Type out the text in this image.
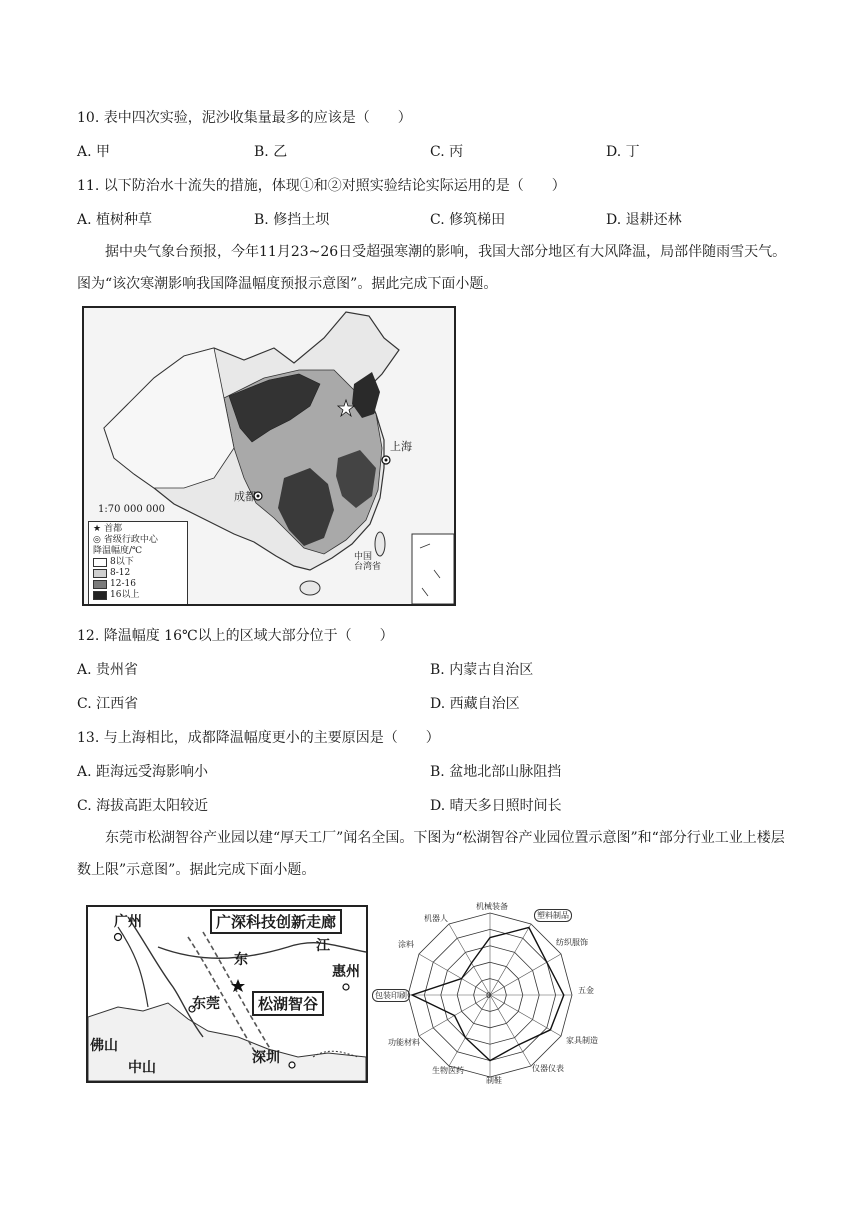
10. 表中四次实验，泥沙收集量最多的应该是（　　）
A. 甲	B. 乙	C. 丙	D. 丁
11. 以下防治水十流失的措施，体现①和②对照实验结论实际运用的是（　　）
A. 植树种草	B. 修挡土坝	C. 修筑梯田	D. 退耕还林
据中央气象台预报，今年11月23~26日受超强寒潮的影响，我国大部分地区有大风降温，局部伴随雨雪天气。图为“该次寒潮影响我国降温幅度预报示意图”。据此完成下面小题。
1:70 000 000
成都
上海
中国
台湾省
★ 首都
◎ 省级行政中心
降温幅度/℃
8以下
8-12
12-16
16以上
12. 降温幅度 16℃以上的区域大部分位于（　　）
A. 贵州省	B. 内蒙古自治区
C. 江西省	D. 西藏自治区
13. 与上海相比，成都降温幅度更小的主要原因是（　　）
A. 距海远受海影响小	B. 盆地北部山脉阻挡
C. 海拔高距太阳较近	D. 晴天多日照时间长
东莞市松湖智谷产业园以建“厚天工厂”闻名全国。下图为“松湖智谷产业园位置示意图”和“部分行业工业上楼层数上限”示意图”。据此完成下面小题。
广深科技创新走廊
广州
东
江
惠州
东莞	松湖智谷
佛山
中山
深圳
机械装备
塑料制品
纺织服饰
五金
家具制造
仪器仪表
制鞋
生物医药
功能材料
包装印刷
涂料
机器人
0
